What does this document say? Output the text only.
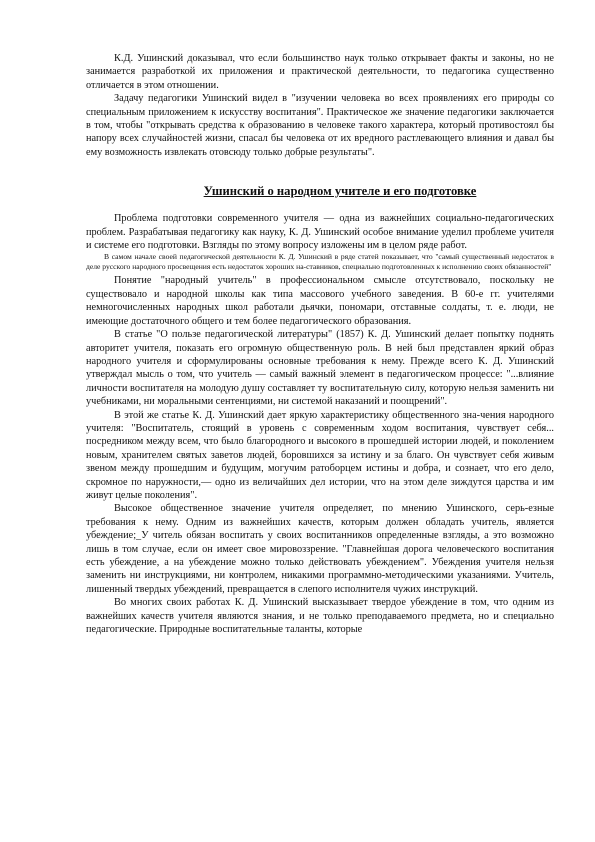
К.Д. Ушинский доказывал, что если большинство наук только открывает факты и законы, но не занимается разработкой их приложения и практической деятельности, то педагогика существенно отличается в этом отношении.

Задачу педагогики Ушинский видел в "изучении человека во всех проявлениях его природы со специальным приложением к искусству воспитания". Практическое же значение педагогики заключается в том, чтобы "открывать средства к образованию в человеке такого характера, который противостоял бы напору всех случайностей жизни, спасал бы человека от их вредного растлевающего влияния и давал бы ему возможность извлекать отовсюду только добрые результаты".

Ушинский о народном учителе и его подготовке

Проблема подготовки современного учителя — одна из важнейших социально-педагогических проблем. Разрабатывая педагогику как науку, К. Д. Ушинский особое внимание уделил проблеме учителя и системе его подготовки. Взгляды по этому вопросу изложены им в целом ряде работ.

В самом начале своей педагогической деятельности К. Д. Ушинский в ряде статей показывает, что "самый существенный недостаток в деле русского народного просвещения есть недостаток хороших на-ставников, специально подготовленных к исполнению своих обязанностей"

Понятие "народный учитель" в профессиональном смысле отсутствовало, поскольку не существовало и народной школы как типа массового учебного заведения. В 60-е гг. учителями немногочисленных народных школ работали дьячки, пономари, отставные солдаты, т. е. люди, не имеющие достаточного общего и тем более педагогического образования.

В статье "О пользе педагогической литературы" (1857) К. Д. Ушинский делает попытку поднять авторитет учителя, показать его огромную общественную роль. В ней был представлен яркий образ народного учителя и сформулированы основные требования к нему. Прежде всего К. Д. Ушинский утверждал мысль о том, что учитель — самый важный элемент в педагогическом процессе: "...влияние личности воспитателя на молодую душу составляет ту воспитательную силу, которую нельзя заменить ни учебниками, ни моральными сентенциями, ни системой наказаний и поощрений".

В этой же статье К. Д. Ушинский дает яркую характеристику общественного зна-чения народного учителя: "Воспитатель, стоящий в уровень с современным ходом воспитания, чувствует себя... посредником между всем, что было благородного и высокого в прошедшей истории людей, и поколением новым, хранителем святых заветов людей, боровшихся за истину и за благо. Он чувствует себя живым звеном между прошедшим и будущим, могучим ратоборцем истины и добра, и сознает, что его дело, скромное по наружности,— одно из величайших дел истории, что на этом деле зиждутся царства и им живут целые поколения".

Высокое общественное значение учителя определяет, по мнению Ушинского, серь-езные требования к нему. Одним из важнейших качеств, которым должен обладать учитель, является убеждение;_У читель обязан воспитать у своих воспитанников определенные взгляды, а это возможно лишь в том случае, если он имеет свое мировоззрение. "Главнейшая дорога человеческого воспитания есть убеждение, а на убеждение можно только действовать убеждением". Убеждения учителя нельзя заменить ни инструкциями, ни контролем, никакими программно-методическими указаниями. Учитель, лишенный твердых убеждений, превращается в слепого исполнителя чужих инструкций.

Во многих своих работах К. Д. Ушинский высказывает твердое убеждение в том, что одним из важнейших качеств учителя являются знания, и не только преподаваемого предмета, но и специально педагогические. Природные воспитательные таланты, которые
